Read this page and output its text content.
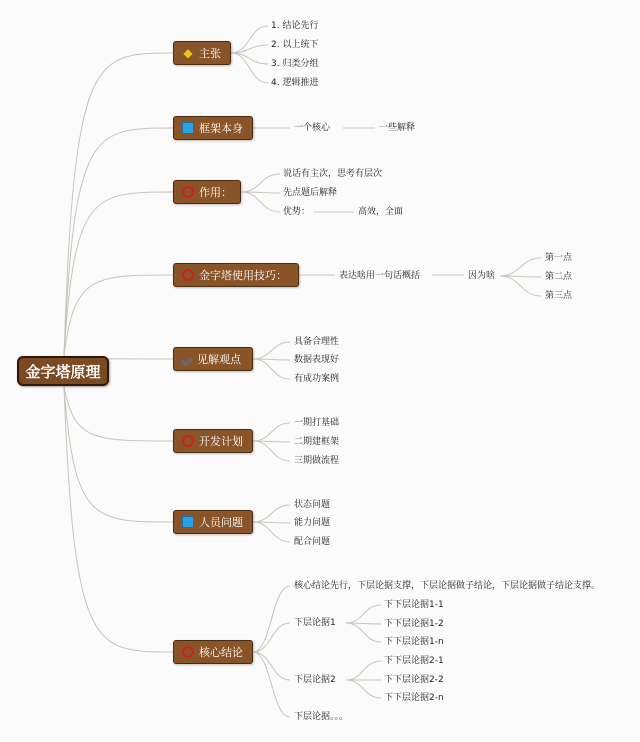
金字塔原理
◆ 主张
框架本身
作用：
金字塔使用技巧：
见解观点
开发计划
人员问题
核心结论
1. 结论先行
2. 以上统下
3. 归类分组
4. 逻辑推进
一个核心	一些解释
说话有主次，思考有层次
先点题后解释
优势：	高效，全面
表达啥用一句话概括	因为啥
第一点
第二点
第三点
具备合理性
数据表现好
有成功案例
一期打基础
二期建框架
三期做流程
状态问题
能力问题
配合问题
核心结论先行，下层论据支撑，下层论据做子结论，下层论据做子结论支撑。
下层论据1
下下层论据1-1
下下层论据1-2
下下层论据1-n
下层论据2
下下层论据2-1
下下层论据2-2
下下层论据2-n
下层论据。。。
